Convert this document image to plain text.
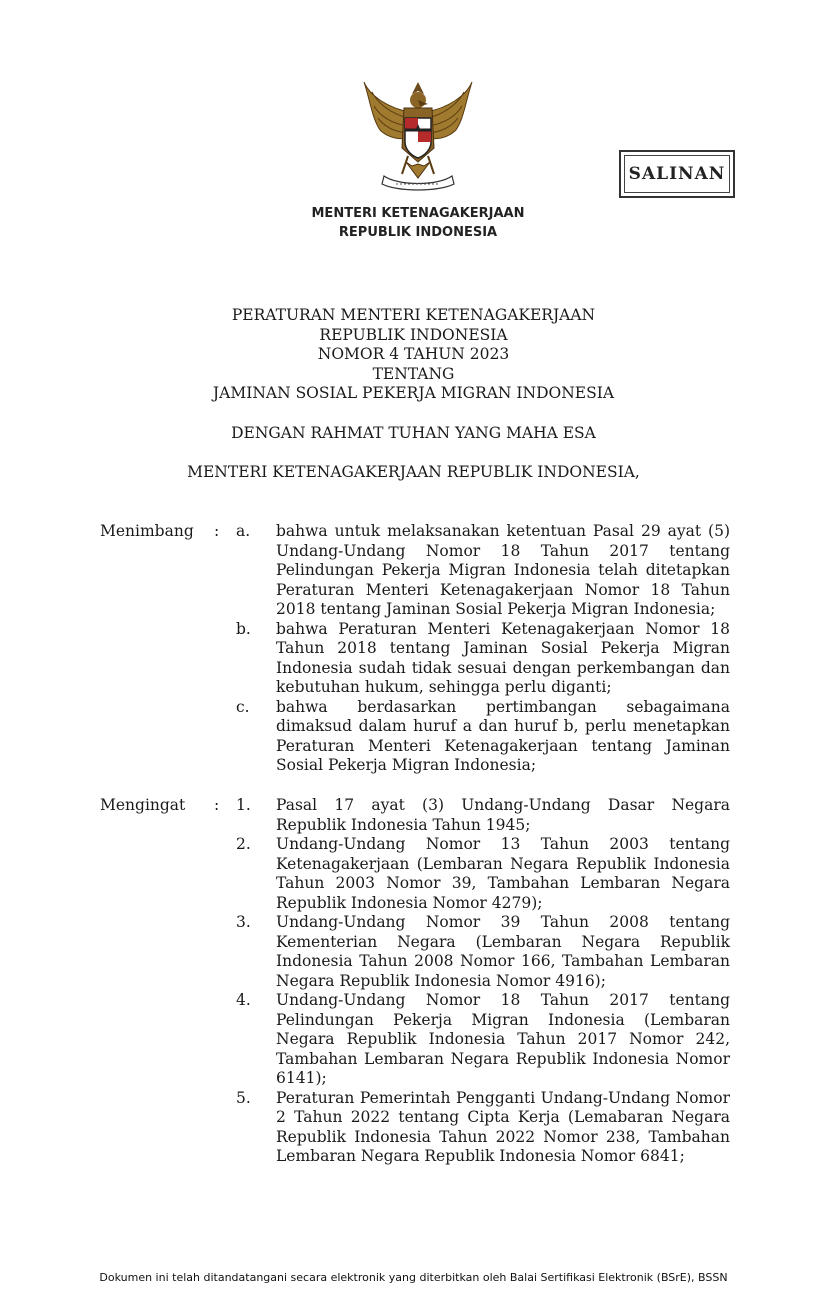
MENTERI KETENAGAKERJAAN
REPUBLIK INDONESIA
SALINAN
PERATURAN MENTERI KETENAGAKERJAAN
REPUBLIK INDONESIA
NOMOR 4 TAHUN 2023
TENTANG
JAMINAN SOSIAL PEKERJA MIGRAN INDONESIA
DENGAN RAHMAT TUHAN YANG MAHA ESA
MENTERI KETENAGAKERJAAN REPUBLIK INDONESIA,
Menimbang :	a.	bahwa untuk melaksanakan ketentuan Pasal 29 ayat (5) Undang-Undang Nomor 18 Tahun 2017 tentang Pelindungan Pekerja Migran Indonesia telah ditetapkan Peraturan Menteri Ketenagakerjaan Nomor 18 Tahun 2018 tentang Jaminan Sosial Pekerja Migran Indonesia;
b.	bahwa Peraturan Menteri Ketenagakerjaan Nomor 18 Tahun 2018 tentang Jaminan Sosial Pekerja Migran Indonesia sudah tidak sesuai dengan perkembangan dan kebutuhan hukum, sehingga perlu diganti;
c.	bahwa berdasarkan pertimbangan sebagaimana dimaksud dalam huruf a dan huruf b, perlu menetapkan Peraturan Menteri Ketenagakerjaan tentang Jaminan Sosial Pekerja Migran Indonesia;
Mengingat :	1.	Pasal 17 ayat (3) Undang-Undang Dasar Negara Republik Indonesia Tahun 1945;
2.	Undang-Undang Nomor 13 Tahun 2003 tentang Ketenagakerjaan (Lembaran Negara Republik Indonesia Tahun 2003 Nomor 39, Tambahan Lembaran Negara Republik Indonesia Nomor 4279);
3.	Undang-Undang Nomor 39 Tahun 2008 tentang Kementerian Negara (Lembaran Negara Republik Indonesia Tahun 2008 Nomor 166, Tambahan Lembaran Negara Republik Indonesia Nomor 4916);
4.	Undang-Undang Nomor 18 Tahun 2017 tentang Pelindungan Pekerja Migran Indonesia (Lembaran Negara Republik Indonesia Tahun 2017 Nomor 242, Tambahan Lembaran Negara Republik Indonesia Nomor 6141);
5.	Peraturan Pemerintah Pengganti Undang-Undang Nomor 2 Tahun 2022 tentang Cipta Kerja (Lemabaran Negara Republik Indonesia Tahun 2022 Nomor 238, Tambahan Lembaran Negara Republik Indonesia Nomor 6841;
Dokumen ini telah ditandatangani secara elektronik yang diterbitkan oleh Balai Sertifikasi Elektronik (BSrE), BSSN
